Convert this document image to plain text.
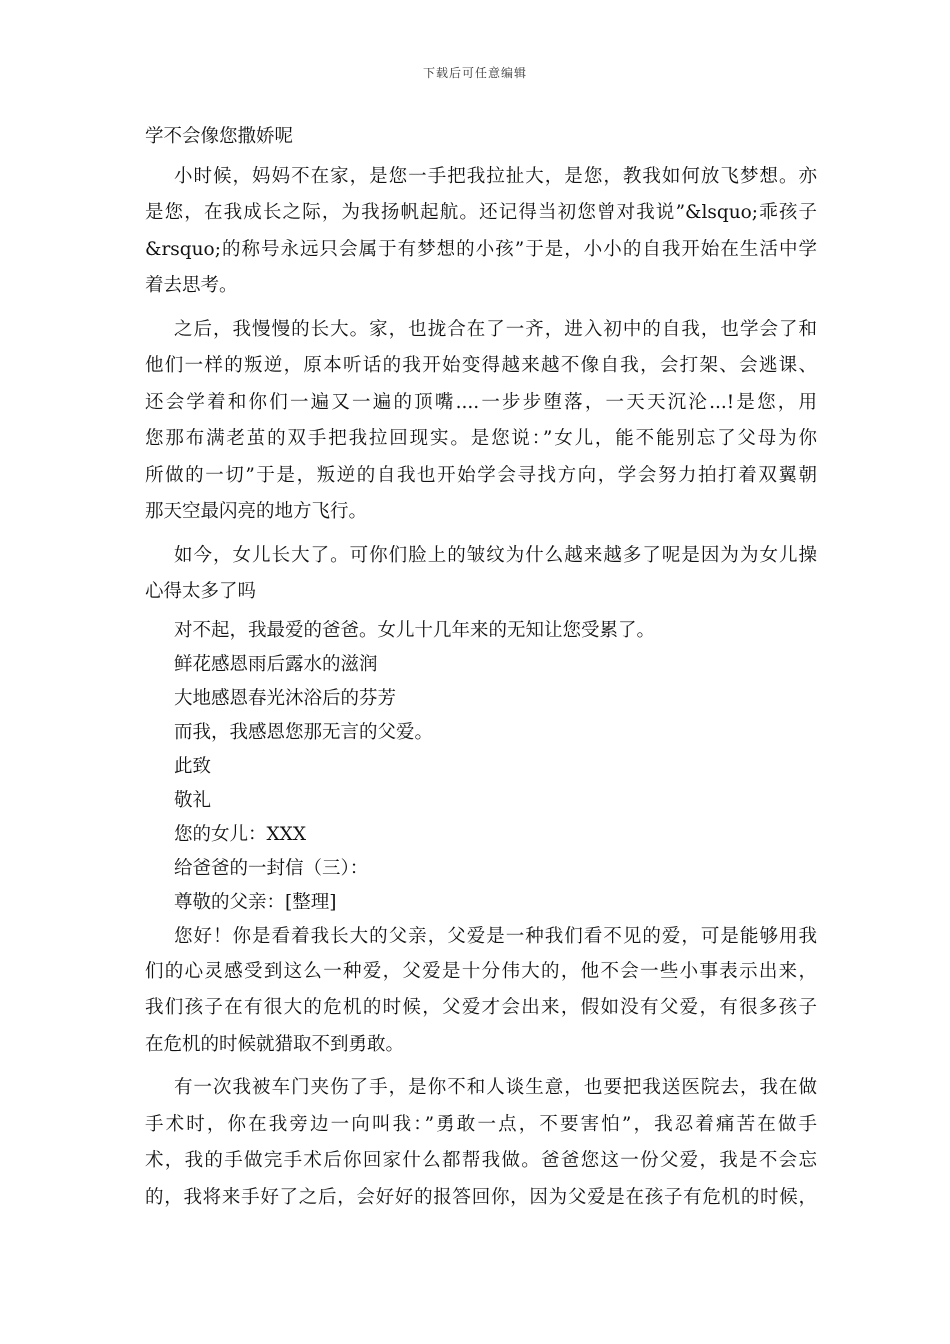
下载后可任意编辑
学不会像您撒娇呢
小时候，妈妈不在家，是您一手把我拉扯大，是您，教我如何放飞梦想。亦
是您，在我成长之际，为我扬帆起航。还记得当初您曾对我说”&lsquo;乖孩子
&rsquo;的称号永远只会属于有梦想的小孩”于是，小小的自我开始在生活中学
着去思考。
之后，我慢慢的长大。家，也拢合在了一齐，进入初中的自我，也学会了和
他们一样的叛逆，原本听话的我开始变得越来越不像自我，会打架、会逃课、
还会学着和你们一遍又一遍的顶嘴....一步步堕落，一天天沉沦...!是您，用
您那布满老茧的双手把我拉回现实。是您说：”女儿，能不能别忘了父母为你
所做的一切”于是，叛逆的自我也开始学会寻找方向，学会努力拍打着双翼朝
那天空最闪亮的地方飞行。
如今，女儿长大了。可你们脸上的皱纹为什么越来越多了呢是因为为女儿操
心得太多了吗
对不起，我最爱的爸爸。女儿十几年来的无知让您受累了。
鲜花感恩雨后露水的滋润
大地感恩春光沐浴后的芬芳
而我，我感恩您那无言的父爱。
此致
敬礼
您的女儿：XXX
给爸爸的一封信（三）：
尊敬的父亲：[整理]
您好！你是看着我长大的父亲，父爱是一种我们看不见的爱，可是能够用我
们的心灵感受到这么一种爱，父爱是十分伟大的，他不会一些小事表示出来，
我们孩子在有很大的危机的时候，父爱才会出来，假如没有父爱，有很多孩子
在危机的时候就猎取不到勇敢。
有一次我被车门夹伤了手，是你不和人谈生意，也要把我送医院去，我在做
手术时，你在我旁边一向叫我：”勇敢一点，不要害怕”，我忍着痛苦在做手
术，我的手做完手术后你回家什么都帮我做。爸爸您这一份父爱，我是不会忘
的，我将来手好了之后，会好好的报答回你，因为父爱是在孩子有危机的时候，
